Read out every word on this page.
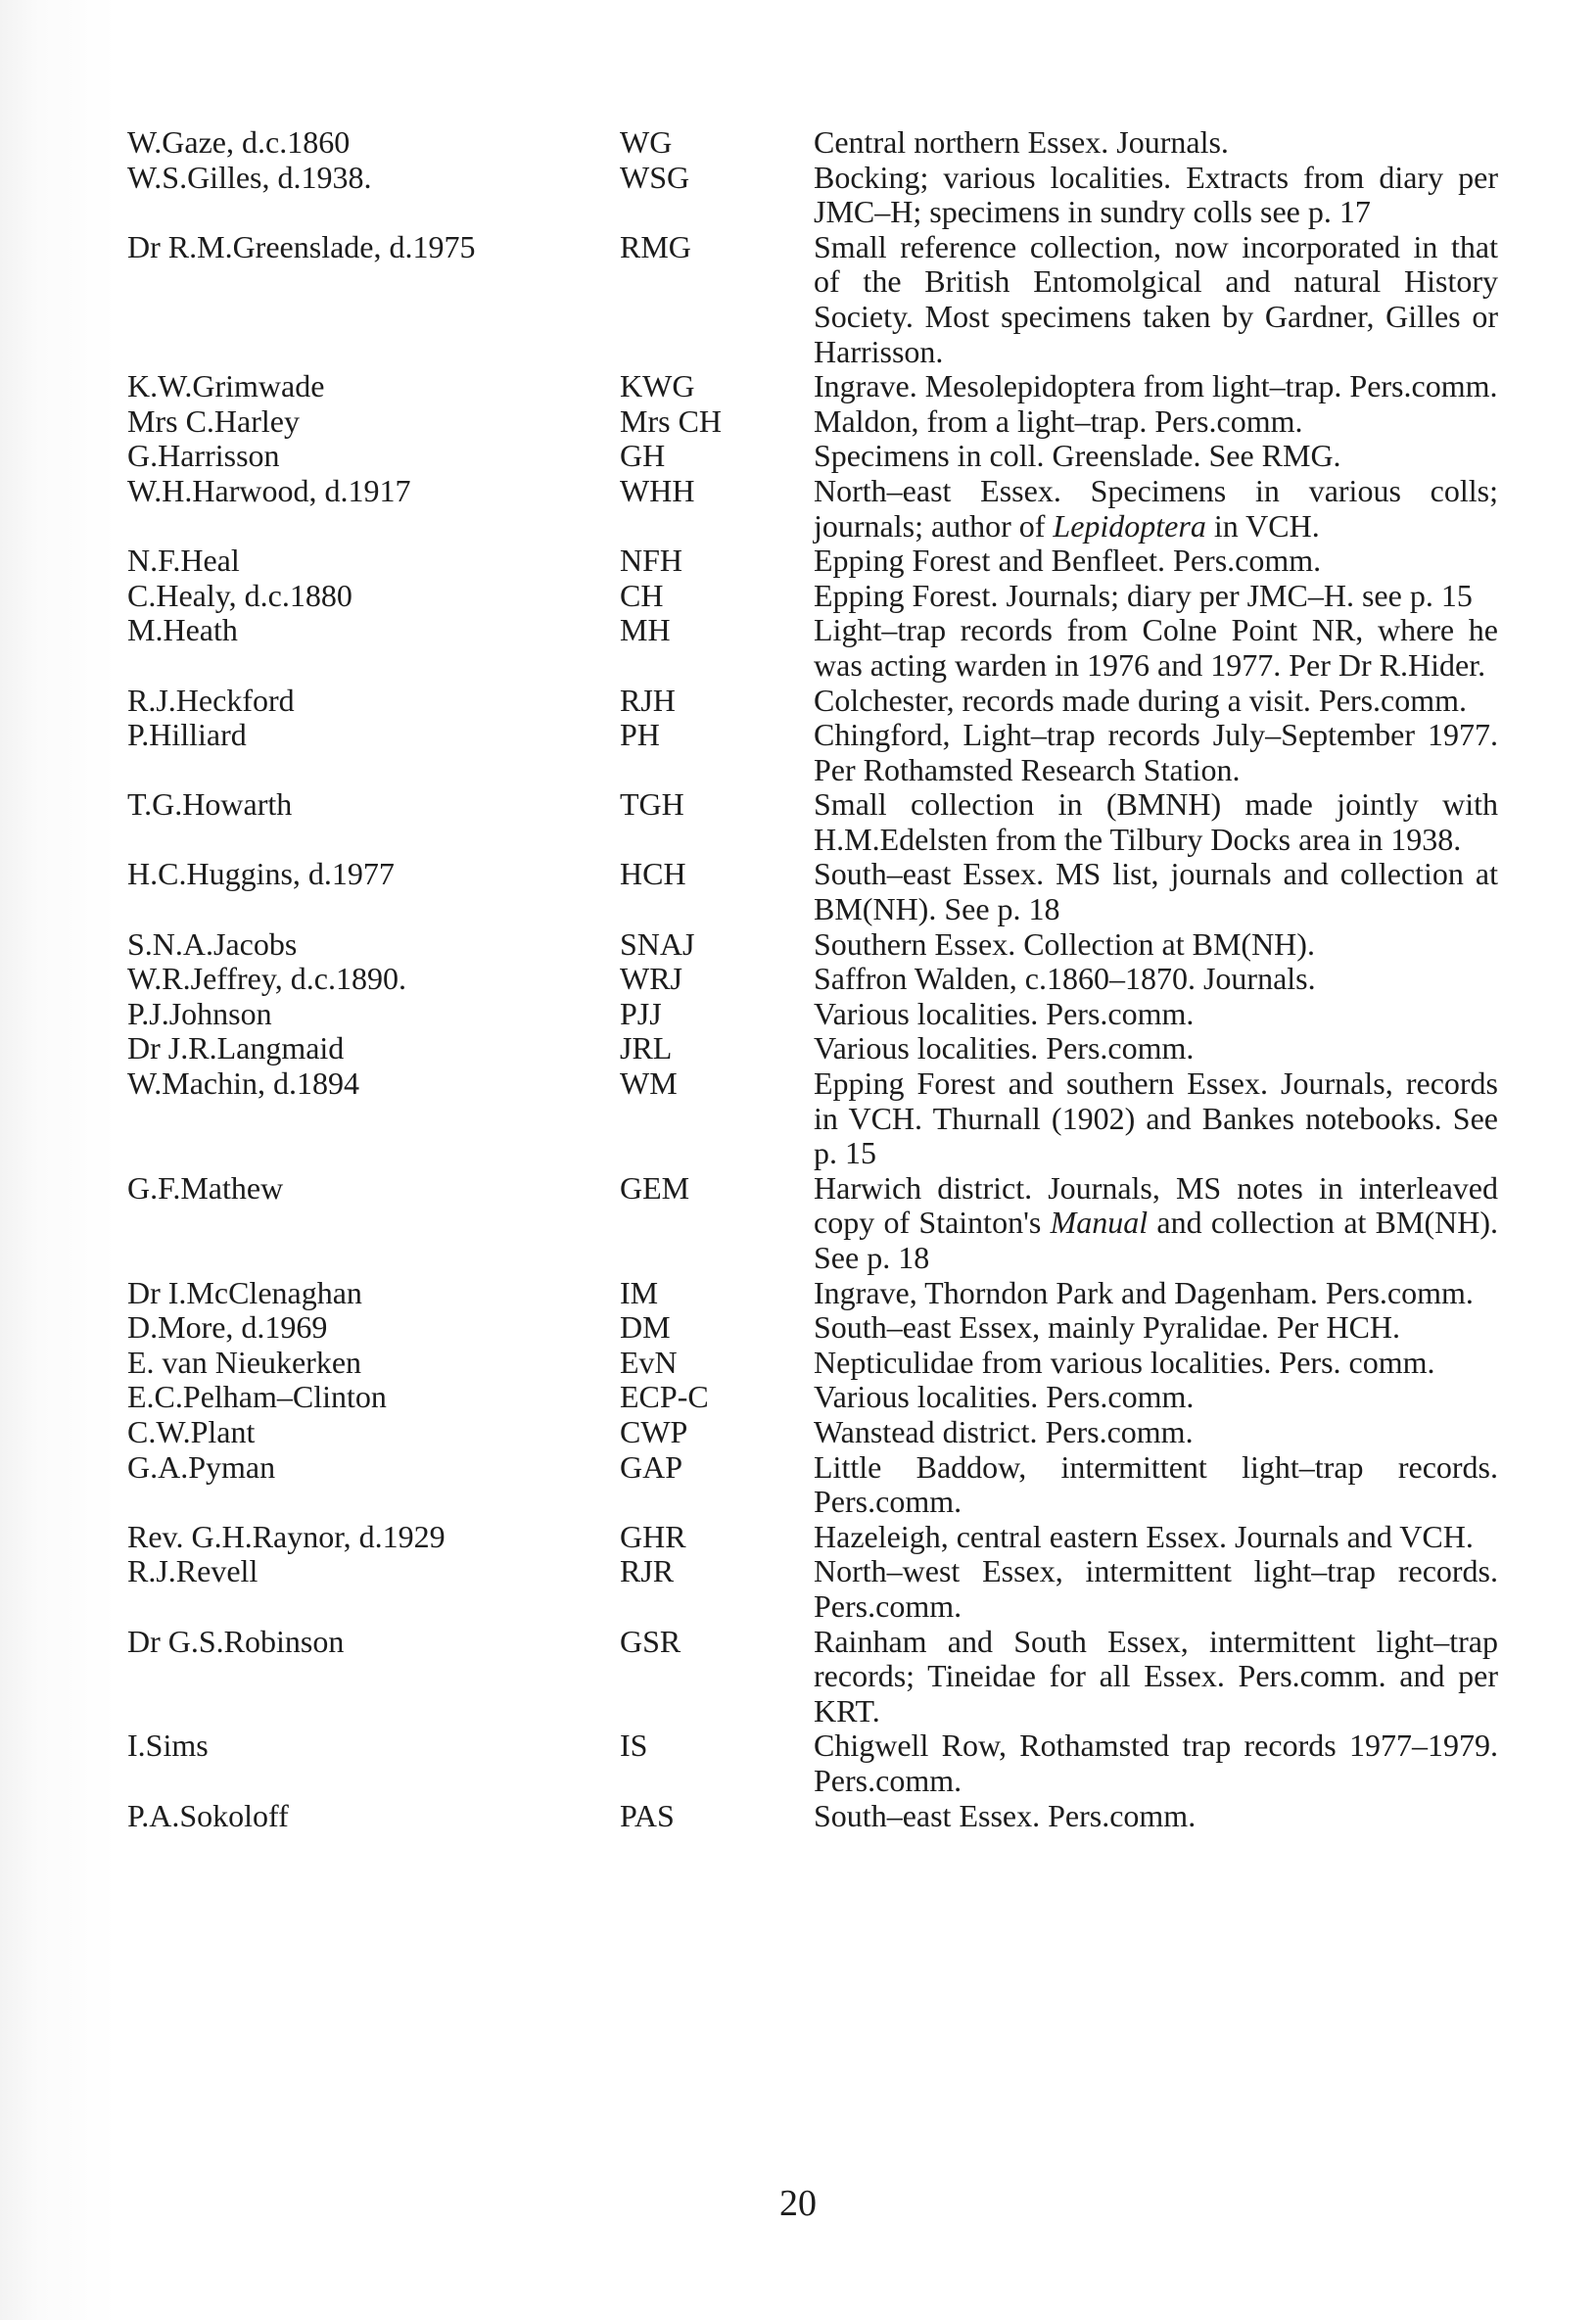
W.Gaze, d.c.1860	WG	Central northern Essex. Journals.

W.S.Gilles, d.1938.	WSG	Bocking; various localities. Extracts from diary per JMC–H; specimens in sundry colls see p. 17

Dr R.M.Greenslade, d.1975	RMG	Small reference collection, now incorporated in that of the British Entomolgical and natural History Society. Most specimens taken by Gardner, Gilles or Harrisson.

K.W.Grimwade	KWG	Ingrave. Mesolepidoptera from light–trap. Pers.comm.

Mrs C.Harley	Mrs CH	Maldon, from a light–trap. Pers.comm.

G.Harrisson	GH	Specimens in coll. Greenslade. See RMG.

W.H.Harwood, d.1917	WHH	North–east Essex. Specimens in various colls; journals; author of Lepidoptera in VCH.

N.F.Heal	NFH	Epping Forest and Benfleet. Pers.comm.

C.Healy, d.c.1880	CH	Epping Forest. Journals; diary per JMC–H. see p. 15

M.Heath	MH	Light–trap records from Colne Point NR, where he was acting warden in 1976 and 1977. Per Dr R.Hider.

R.J.Heckford	RJH	Colchester, records made during a visit. Pers.comm.

P.Hilliard	PH	Chingford, Light–trap records July–September 1977. Per Rothamsted Research Station.

T.G.Howarth	TGH	Small collection in (BMNH) made jointly with H.M.Edelsten from the Tilbury Docks area in 1938.

H.C.Huggins, d.1977	HCH	South–east Essex. MS list, journals and collection at BM(NH). See p. 18

S.N.A.Jacobs	SNAJ	Southern Essex. Collection at BM(NH).

W.R.Jeffrey, d.c.1890.	WRJ	Saffron Walden, c.1860–1870. Journals.

P.J.Johnson	PJJ	Various localities. Pers.comm.

Dr J.R.Langmaid	JRL	Various localities. Pers.comm.

W.Machin, d.1894	WM	Epping Forest and southern Essex. Journals, records in VCH. Thurnall (1902) and Bankes notebooks. See p. 15

G.F.Mathew	GEM	Harwich district. Journals, MS notes in interleaved copy of Stainton's Manual and collection at BM(NH). See p. 18

Dr I.McClenaghan	IM	Ingrave, Thorndon Park and Dagenham. Pers.comm.

D.More, d.1969	DM	South–east Essex, mainly Pyralidae. Per HCH.

E. van Nieukerken	EvN	Nepticulidae from various localities. Pers. comm.

E.C.Pelham–Clinton	ECP-C	Various localities. Pers.comm.

C.W.Plant	CWP	Wanstead district. Pers.comm.

G.A.Pyman	GAP	Little Baddow, intermittent light–trap records. Pers.comm.

Rev. G.H.Raynor, d.1929	GHR	Hazeleigh, central eastern Essex. Journals and VCH.

R.J.Revell	RJR	North–west Essex, intermittent light–trap records. Pers.comm.

Dr G.S.Robinson	GSR	Rainham and South Essex, intermittent light–trap records; Tineidae for all Essex. Pers.comm. and per KRT.

I.Sims	IS	Chigwell Row, Rothamsted trap records 1977–1979. Pers.comm.

P.A.Sokoloff	PAS	South–east Essex. Pers.comm.

20
